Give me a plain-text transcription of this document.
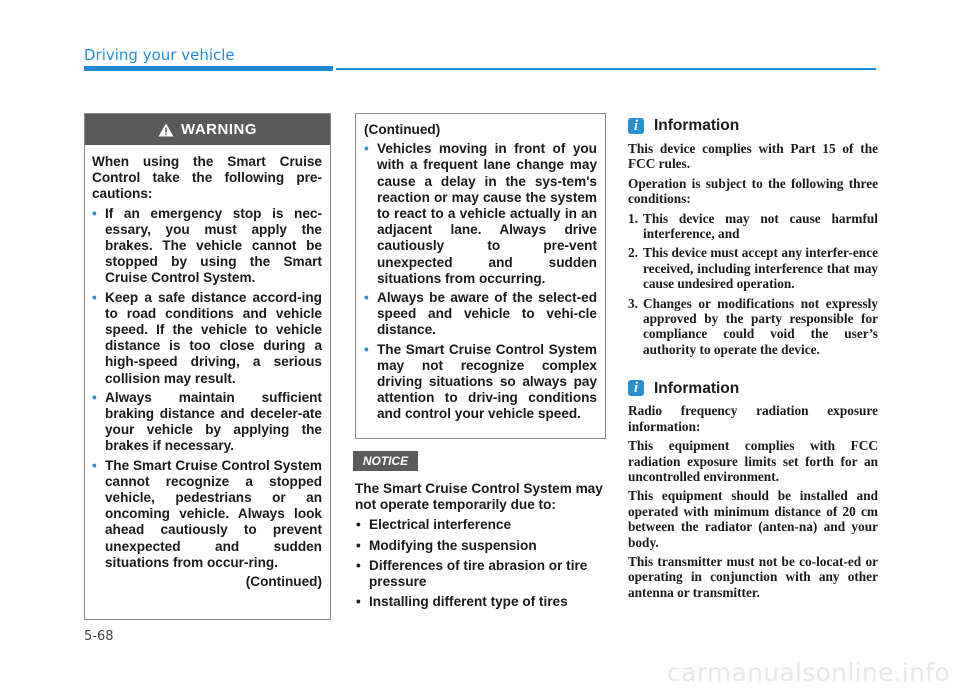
Driving your vehicle
WARNING

When using the Smart Cruise Control take the following pre-cautions:

• If an emergency stop is nec-essary, you must apply the brakes. The vehicle cannot be stopped by using the Smart Cruise Control System.
• Keep a safe distance accord-ing to road conditions and vehicle speed. If the vehicle to vehicle distance is too close during a high-speed driving, a serious collision may result.
• Always maintain sufficient braking distance and deceler-ate your vehicle by applying the brakes if necessary.
• The Smart Cruise Control System cannot recognize a stopped vehicle, pedestrians or an oncoming vehicle. Always look ahead cautiously to prevent unexpected and sudden situations from occur-ring.
(Continued)

(Continued)

• Vehicles moving in front of you with a frequent lane change may cause a delay in the sys-tem's reaction or may cause the system to react to a vehicle actually in an adjacent lane. Always drive cautiously to pre-vent unexpected and sudden situations from occurring.
• Always be aware of the select-ed speed and vehicle to vehi-cle distance.
• The Smart Cruise Control System may not recognize complex driving situations so always pay attention to driv-ing conditions and control your vehicle speed.
NOTICE

The Smart Cruise Control System may not operate temporarily due to:

• Electrical interference
• Modifying the suspension
• Differences of tire abrasion or tire pressure
• Installing different type of tires
i	Information

This device complies with Part 15 of the FCC rules.

Operation is subject to the following three conditions:

1. This device may not cause harmful interference, and
2. This device must accept any interfer-ence received, including interference that may cause undesired operation.
3. Changes or modifications not expressly approved by the party responsible for compliance could void the user’s authority to operate the device.
i	Information

Radio frequency radiation exposure information:

This equipment complies with FCC radiation exposure limits set forth for an uncontrolled environment.

This equipment should be installed and operated with minimum distance of 20 cm between the radiator (anten-na) and your body.

This transmitter must not be co-locat-ed or operating in conjunction with any other antenna or transmitter.

5-68
carmanualsonline.info
